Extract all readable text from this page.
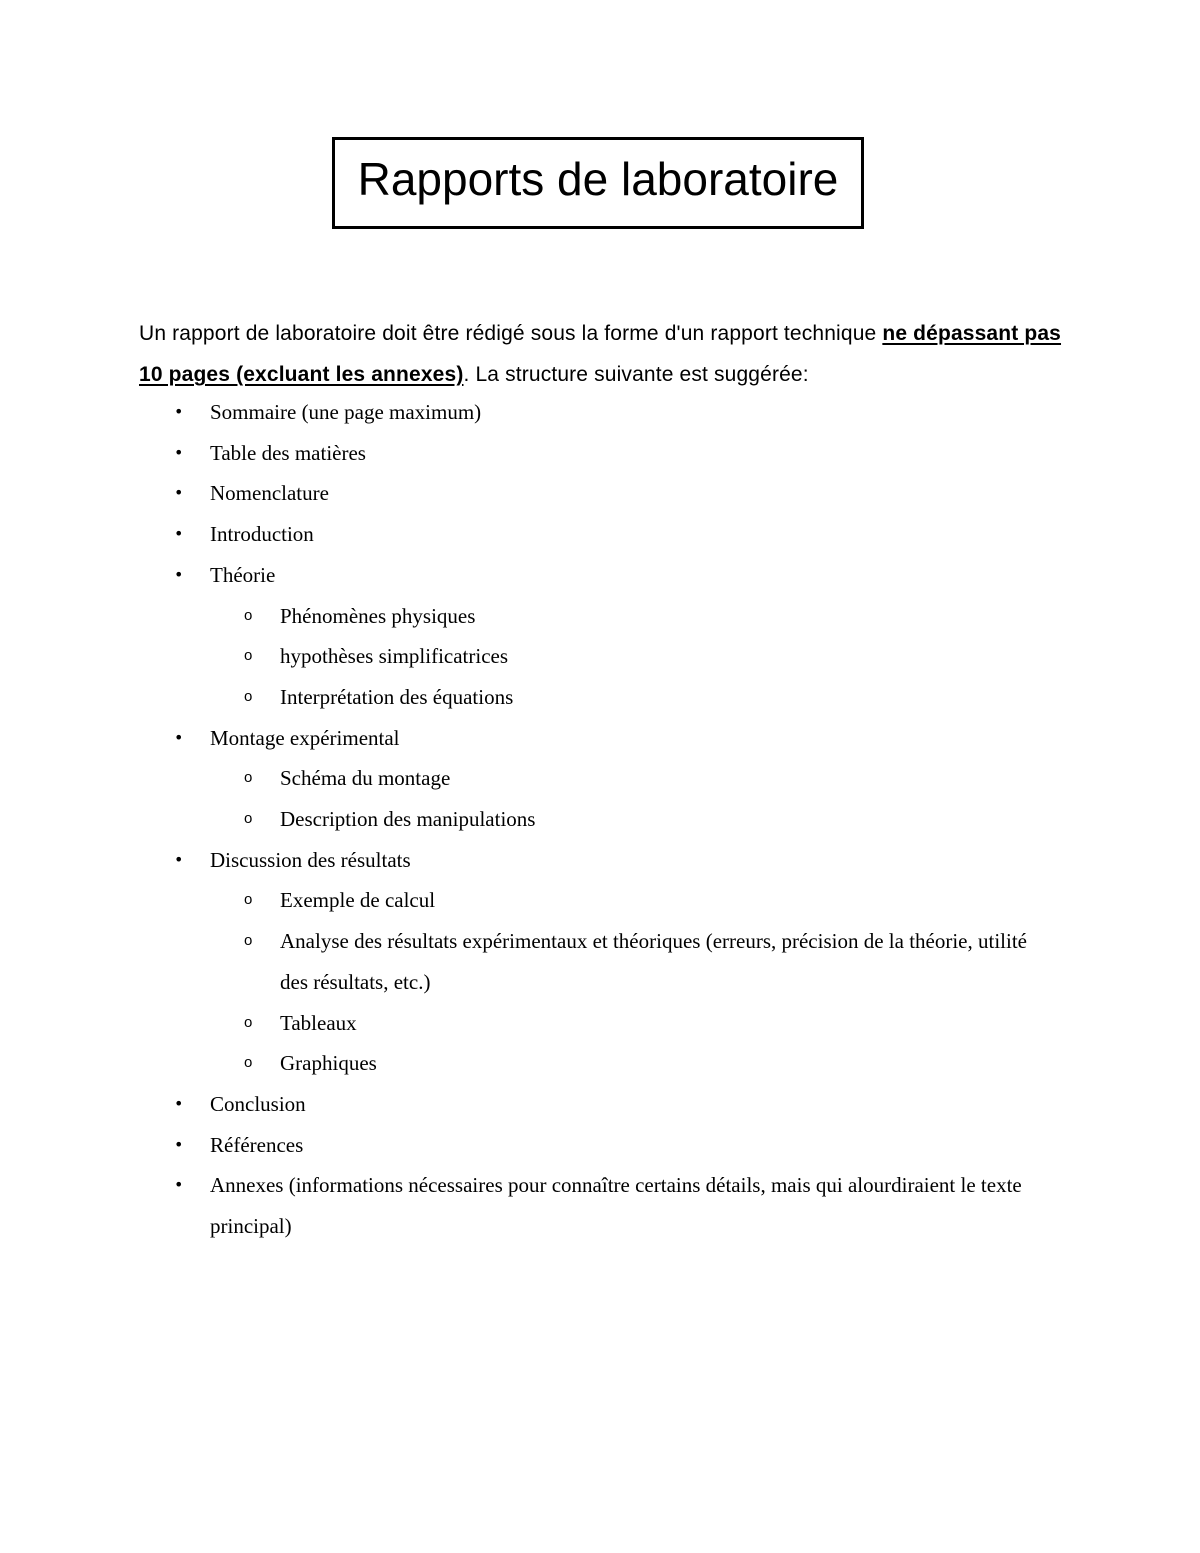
Rapports de laboratoire

Un rapport de laboratoire doit être rédigé sous la forme d'un rapport technique ne dépassant pas 10 pages (excluant les annexes). La structure suivante est suggérée:

• Sommaire (une page maximum)
• Table des matières
• Nomenclature
• Introduction
• Théorie
o Phénomènes physiques
o hypothèses simplificatrices
o Interprétation des équations
• Montage expérimental
o Schéma du montage
o Description des manipulations
• Discussion des résultats
o Exemple de calcul
o Analyse des résultats expérimentaux et théoriques (erreurs, précision de la théorie, utilité des résultats, etc.)
o Tableaux
o Graphiques
• Conclusion
• Références
• Annexes (informations nécessaires pour connaître certains détails, mais qui alourdiraient le texte principal)
